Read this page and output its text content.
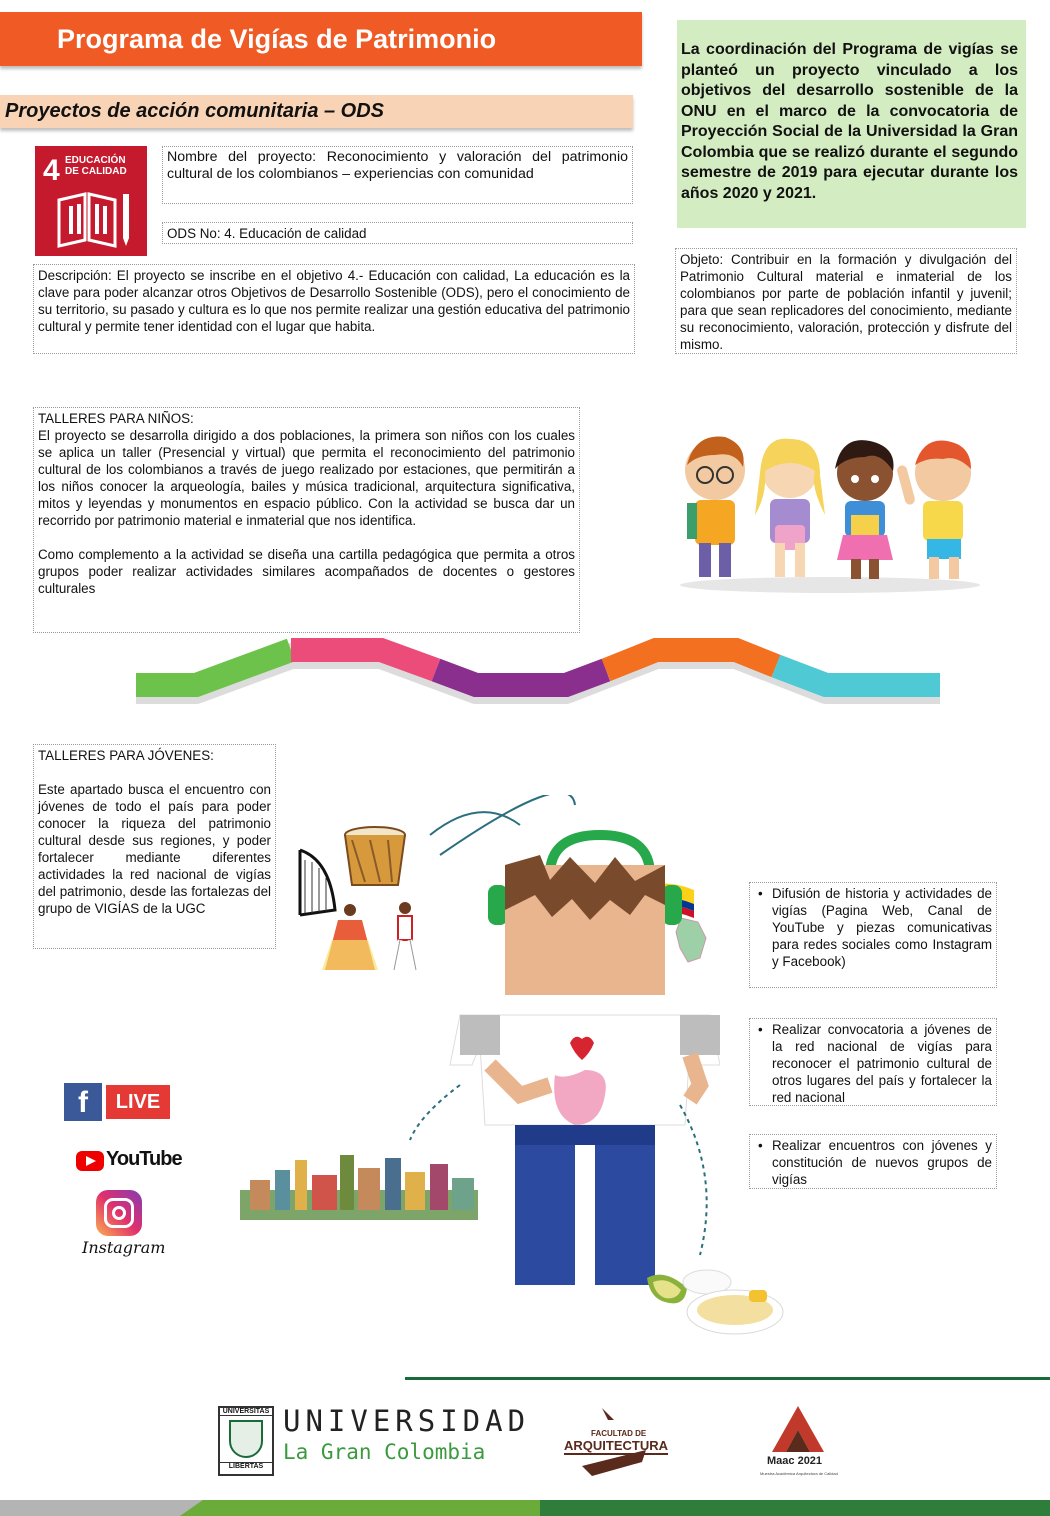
Programa de Vigías de Patrimonio
Proyectos de acción comunitaria – ODS
La coordinación del Programa de vigías se planteó un proyecto vinculado a los objetivos del desarrollo sostenible de la ONU en el marco de la convocatoria de Proyección Social de la Universidad la Gran Colombia que se realizó durante el segundo semestre de 2019 para ejecutar durante los años 2020 y 2021.
4 EDUCACIÓN
DE CALIDAD
Nombre del proyecto: Reconocimiento y valoración del patrimonio cultural de los colombianos – experiencias con comunidad
ODS No: 4. Educación de calidad
Descripción: El proyecto se inscribe en el objetivo 4.- Educación con calidad, La educación es la clave para poder alcanzar otros Objetivos de Desarrollo Sostenible (ODS), pero el conocimiento de su territorio, su pasado y cultura es lo que nos permite realizar una gestión educativa del patrimonio cultural y permite tener identidad con el lugar que habita.
Objeto: Contribuir en la formación y divulgación del Patrimonio Cultural material e inmaterial de los colombianos por parte de población infantil y juvenil; para que sean replicadores del conocimiento, mediante su reconocimiento, valoración, protección y disfrute del mismo.
TALLERES PARA NIÑOS:
El proyecto se desarrolla dirigido a dos poblaciones, la primera son niños con los cuales se aplica un taller (Presencial y virtual) que permita el reconocimiento del patrimonio cultural de los colombianos a través de juego realizado por estaciones, que permitirán a los niños conocer la arqueología, bailes y música tradicional, arquitectura significativa, mitos y leyendas y monumentos en espacio público. Con la actividad se busca dar un recorrido por patrimonio material e inmaterial que nos identifica.
Como complemento a la actividad se diseña una cartilla pedagógica que permita a otros grupos poder realizar actividades similares acompañados de docentes o gestores culturales
TALLERES PARA JÓVENES:
Este apartado busca el encuentro con jóvenes de todo el país para poder conocer la riqueza del patrimonio cultural desde sus regiones, y poder fortalecer mediante diferentes actividades la red nacional de vigías del patrimonio, desde las fortalezas del grupo de VIGÍAS de la UGC
• Difusión de historia y actividades de vigías (Pagina Web, Canal de YouTube y piezas comunicativas para redes sociales como Instagram y Facebook)
• Realizar convocatoria a jóvenes de la red nacional de vigías para reconocer el patrimonio cultural de otros lugares del país y fortalecer la red nacional
• Realizar encuentros con jóvenes y constitución de nuevos grupos de vigías
f	LIVE
YouTube
Instagram
UNIVERSITAS
LIBERTAS
UNIVERSIDAD
La Gran Colombia
FACULTAD DE
ARQUITECTURA
Maac 2021
Muestra Académica Arquitectura de Calidad
